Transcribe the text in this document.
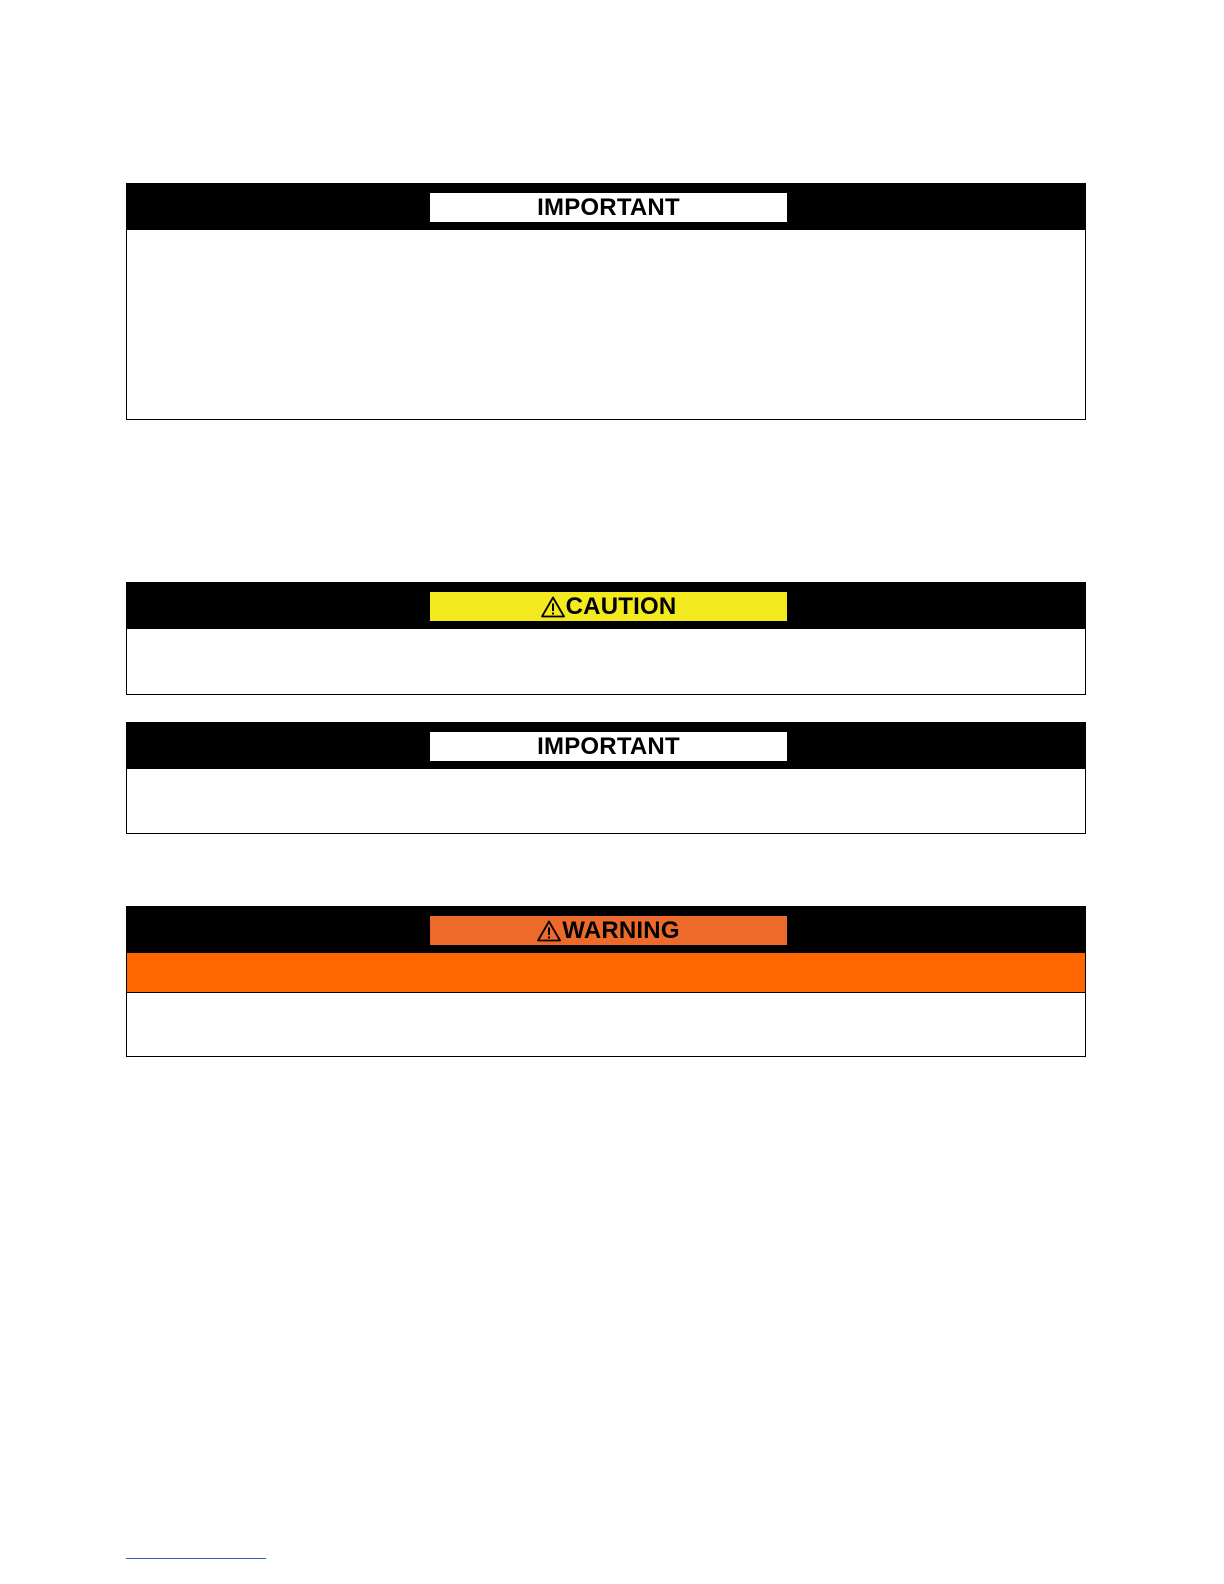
IMPORTANT
CAUTION
IMPORTANT
WARNING
